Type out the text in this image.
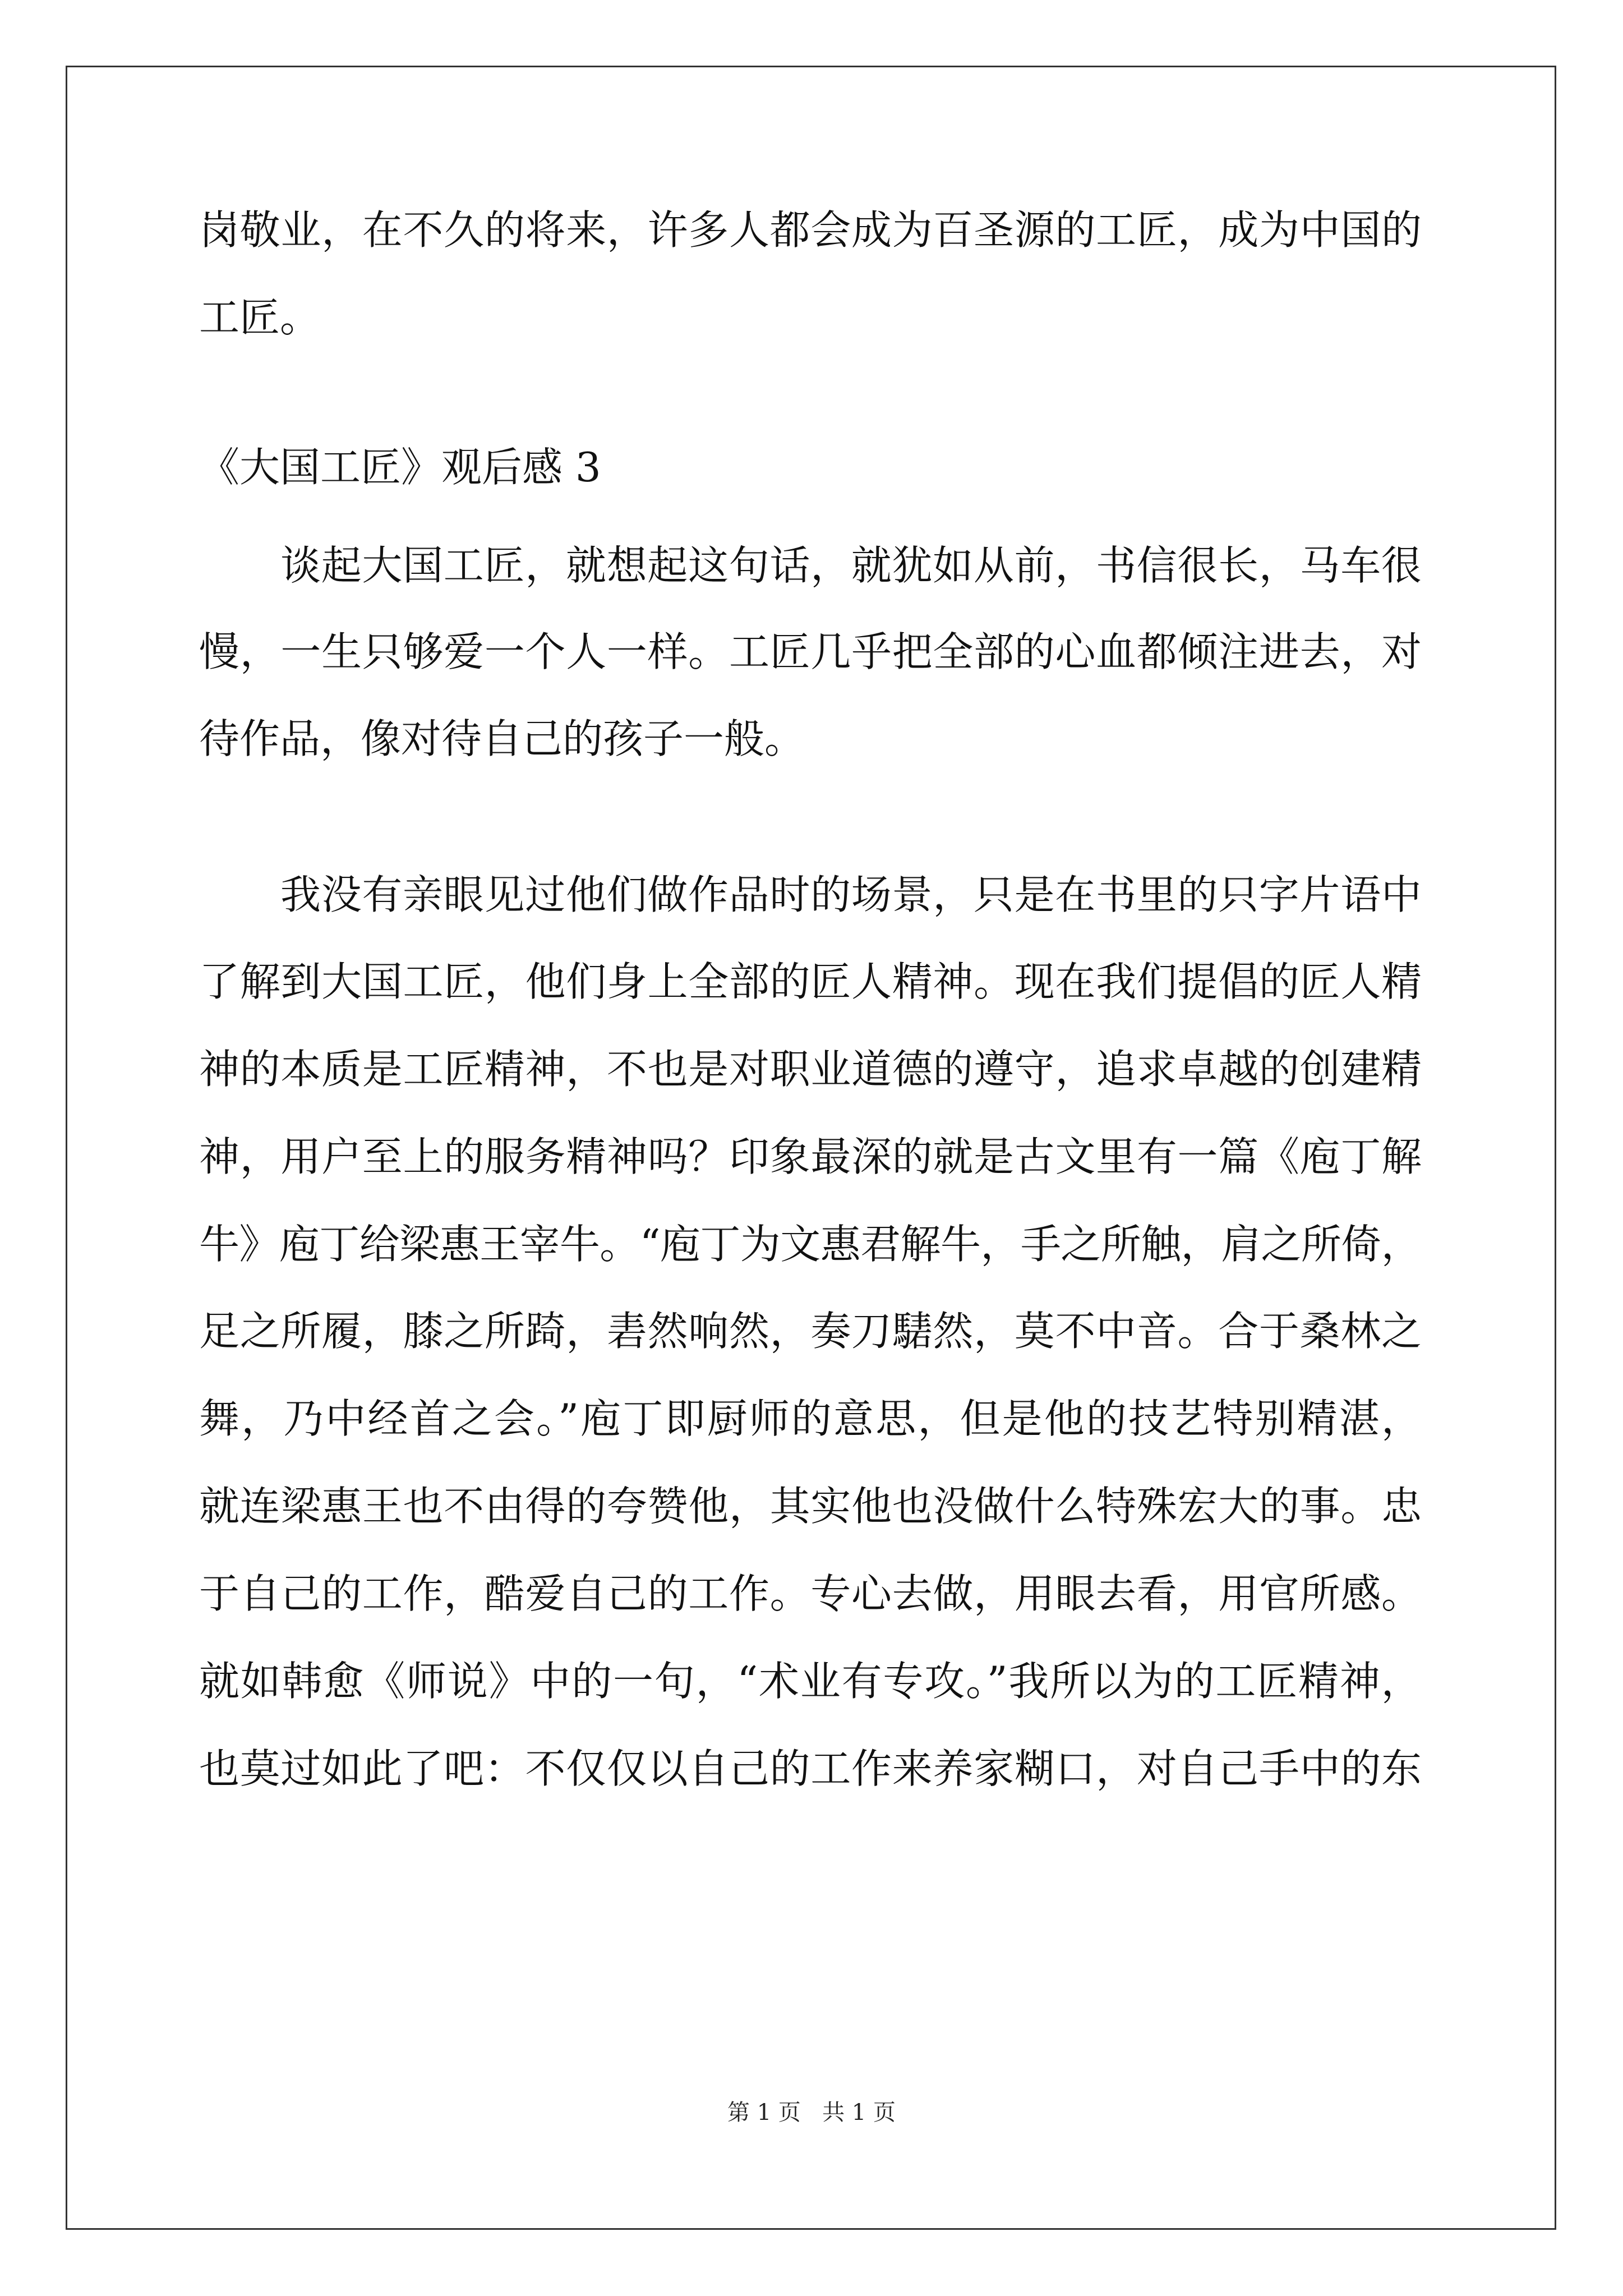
岗敬业，在不久的将来，许多人都会成为百圣源的工匠，成为中国的
工匠。
《大国工匠》观后感 3
谈起大国工匠，就想起这句话，就犹如从前，书信很长，马车很
慢，一生只够爱一个人一样。工匠几乎把全部的心血都倾注进去，对
待作品，像对待自己的孩子一般。
我没有亲眼见过他们做作品时的场景，只是在书里的只字片语中
了解到大国工匠，他们身上全部的匠人精神。现在我们提倡的匠人精
神的本质是工匠精神，不也是对职业道德的遵守，追求卓越的创建精
神，用户至上的服务精神吗？印象最深的就是古文里有一篇《庖丁解
牛》庖丁给梁惠王宰牛。“庖丁为文惠君解牛，手之所触，肩之所倚，
足之所履，膝之所踦，砉然响然，奏刀騞然，莫不中音。合于桑林之
舞，乃中经首之会。”庖丁即厨师的意思，但是他的技艺特别精湛，
就连梁惠王也不由得的夸赞他，其实他也没做什么特殊宏大的事。忠
于自己的工作，酷爱自己的工作。专心去做，用眼去看，用官所感。
就如韩愈《师说》中的一句，“术业有专攻。”我所以为的工匠精神，
也莫过如此了吧：不仅仅以自己的工作来养家糊口，对自己手中的东
第 1 页   共 1 页
